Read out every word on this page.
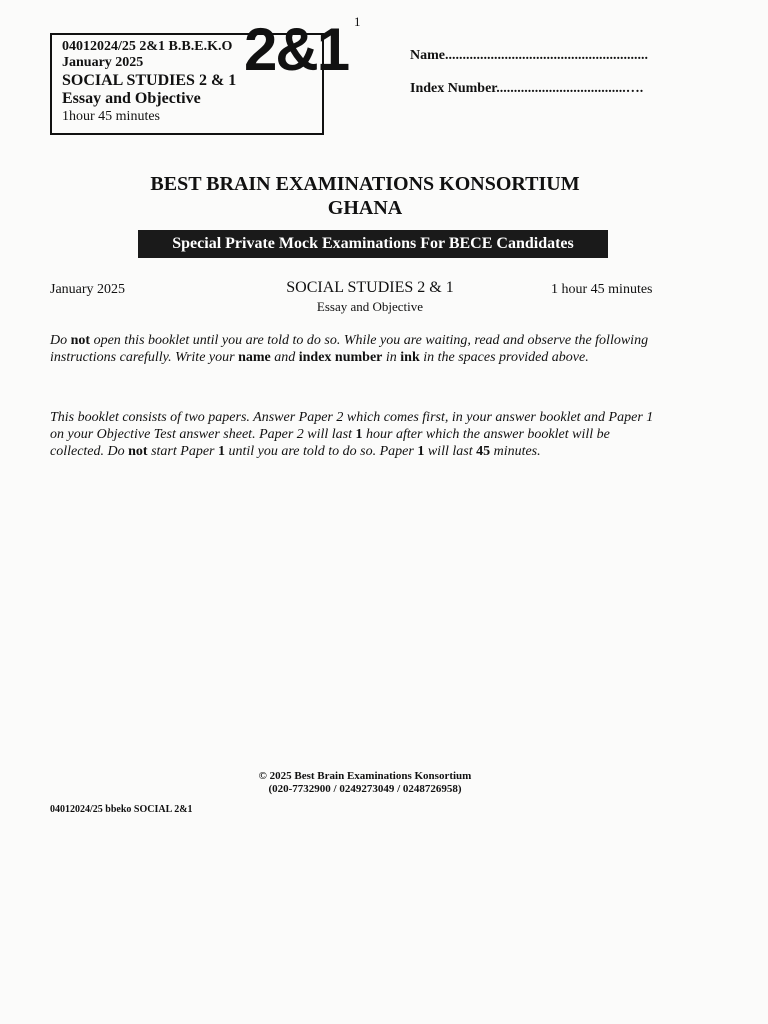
1
04012024/25 2&1 B.B.E.K.O
January 2025
SOCIAL STUDIES 2 & 1
Essay and Objective
1hour 45 minutes
2&1	Name..........................................................
Index Number.....................................….
BEST BRAIN EXAMINATIONS KONSORTIUM
GHANA
Special Private Mock Examinations For BECE Candidates
January 2025	SOCIAL STUDIES 2 & 1
Essay and Objective
1 hour 45 minutes
Do not open this booklet until you are told to do so. While you are waiting, read and observe the following instructions carefully. Write your name and index number in ink in the spaces provided above.
This booklet consists of two papers. Answer Paper 2 which comes first, in your answer booklet and Paper 1 on your Objective Test answer sheet. Paper 2 will last 1 hour after which the answer booklet will be collected. Do not start Paper 1 until you are told to do so. Paper 1 will last 45 minutes.
© 2025 Best Brain Examinations Konsortium
(020-7732900 / 0249273049 / 0248726958)
04012024/25 bbeko SOCIAL 2&1
